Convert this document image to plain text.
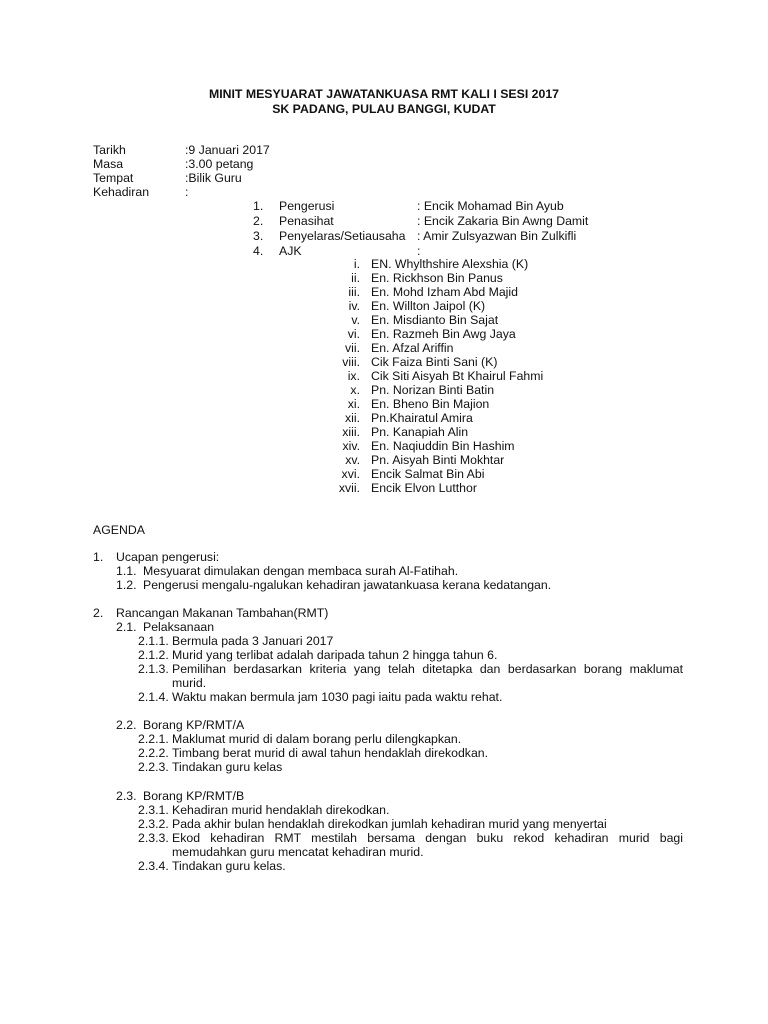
MINIT MESYUARAT JAWATANKUASA RMT KALI I SESI 2017
SK PADANG, PULAU BANGGI, KUDAT
Tarikh	:9 Januari 2017
Masa	:3.00 petang
Tempat	:Bilik Guru
Kehadiran	:
1.	Pengerusi	: Encik Mohamad Bin Ayub
2.	Penasihat	: Encik Zakaria Bin Awng Damit
3.	Penyelaras/Setiausaha : Amir Zulsyazwan Bin Zulkifli
4.	AJK	:
i. EN. Whylthshire Alexshia (K)
ii. En. Rickhson Bin Panus
iii. En. Mohd Izham Abd Majid
iv. En. Willton Jaipol (K)
v. En. Misdianto Bin Sajat
vi. En. Razmeh Bin Awg Jaya
vii. En. Afzal Ariffin
viii. Cik Faiza Binti Sani (K)
ix. Cik Siti Aisyah Bt Khairul Fahmi
x. Pn. Norizan Binti Batin
xi. En. Bheno Bin Majion
xii. Pn.Khairatul Amira
xiii. Pn. Kanapiah Alin
xiv. En. Naqiuddin Bin Hashim
xv. Pn. Aisyah Binti Mokhtar
xvi. Encik Salmat Bin Abi
xvii. Encik Elvon Lutthor
AGENDA
1.	Ucapan pengerusi:
1.1. Mesyuarat dimulakan dengan membaca surah Al-Fatihah.
1.2. Pengerusi mengalu-ngalukan kehadiran jawatankuasa kerana kedatangan.
2.	Rancangan Makanan Tambahan(RMT)
2.1. Pelaksanaan
2.1.1. Bermula pada 3 Januari 2017
2.1.2. Murid yang terlibat adalah daripada tahun 2 hingga tahun 6.
2.1.3. Pemilihan berdasarkan kriteria yang telah ditetapka dan berdasarkan borang maklumat
murid.
2.1.4. Waktu makan bermula jam 1030 pagi iaitu pada waktu rehat.
2.2. Borang KP/RMT/A
2.2.1. Maklumat murid di dalam borang perlu dilengkapkan.
2.2.2. Timbang berat murid di awal tahun hendaklah direkodkan.
2.2.3. Tindakan guru kelas
2.3. Borang KP/RMT/B
2.3.1. Kehadiran murid hendaklah direkodkan.
2.3.2. Pada akhir bulan hendaklah direkodkan jumlah kehadiran murid yang menyertai
2.3.3. Ekod kehadiran RMT mestilah bersama dengan buku rekod kehadiran murid bagi
memudahkan guru mencatat kehadiran murid.
2.3.4. Tindakan guru kelas.
